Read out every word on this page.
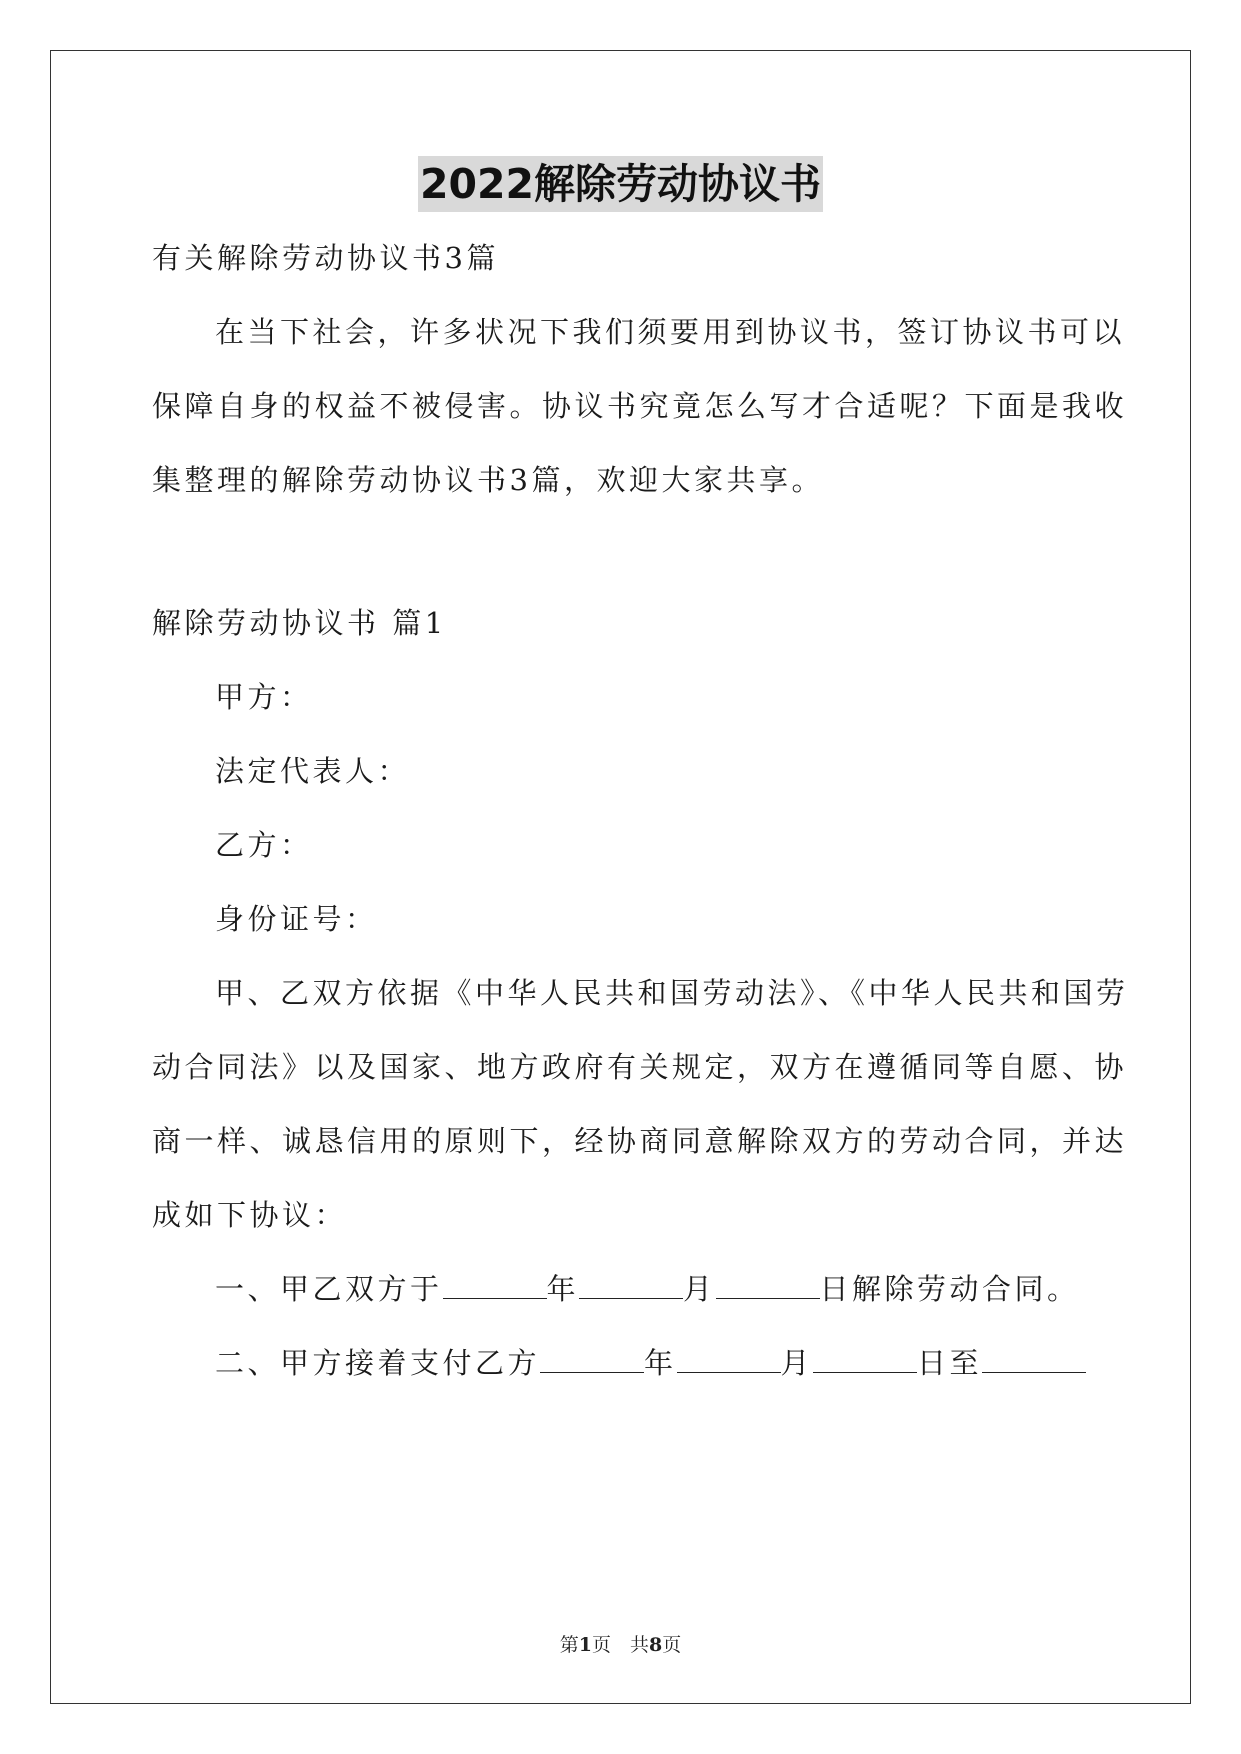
2022解除劳动协议书
有关解除劳动协议书3篇
在当下社会，许多状况下我们须要用到协议书，签订协议书可以
保障自身的权益不被侵害。协议书究竟怎么写才合适呢？下面是我收
集整理的解除劳动协议书3篇，欢迎大家共享。
解除劳动协议书 篇1
甲方：
法定代表人：
乙方：
身份证号：
甲、乙双方依据《中华人民共和国劳动法》、《中华人民共和国劳
动合同法》以及国家、地方政府有关规定，双方在遵循同等自愿、协
商一样、诚恳信用的原则下，经协商同意解除双方的劳动合同，并达
成如下协议：
一、甲乙双方于	年	月	日解除劳动合同。
二、甲方接着支付乙方	年	月	日至
第1页　共8页
